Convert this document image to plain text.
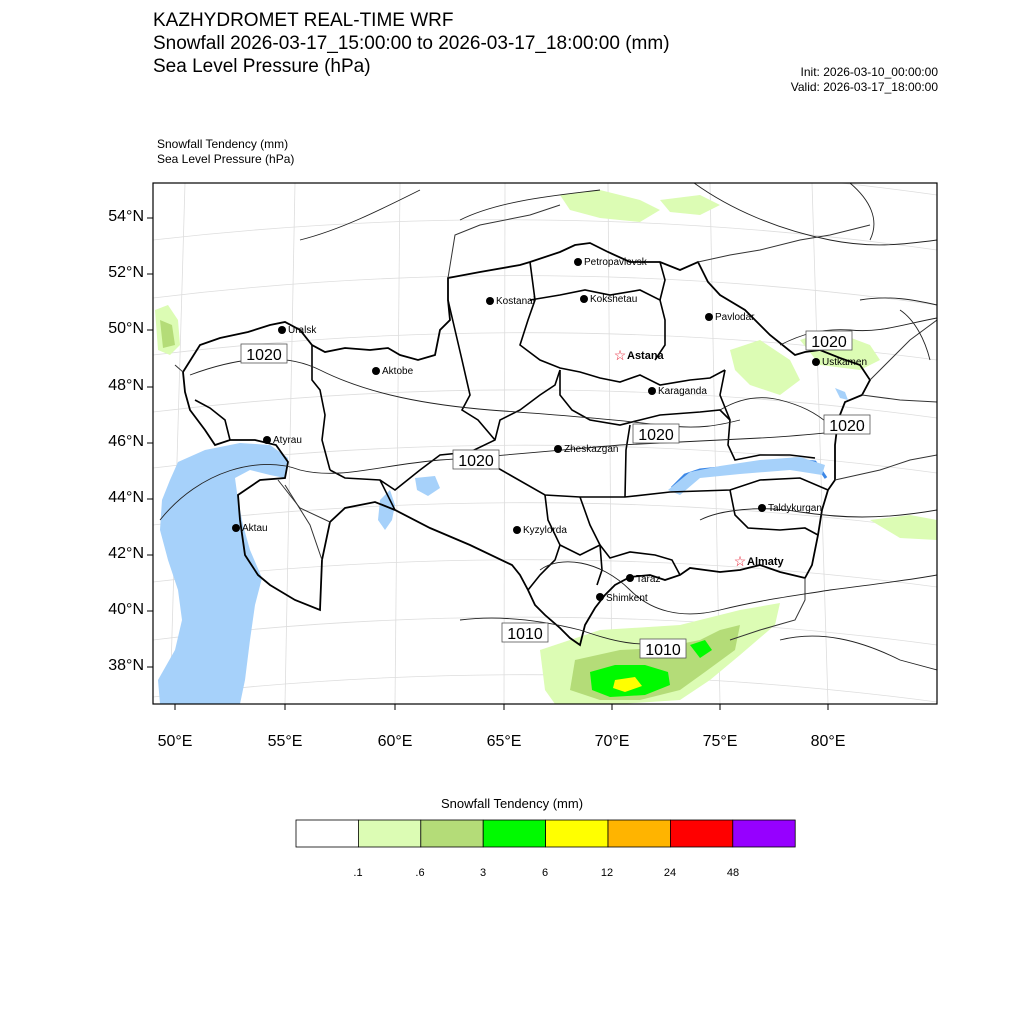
KAZHYDROMET REAL-TIME WRF
Snowfall 2026-03-17_15:00:00 to 2026-03-17_18:00:00 (mm)
Sea Level Pressure (hPa)	Init: 2026-03-10_00:00:00
Valid: 2026-03-17_18:00:00
Snowfall Tendency (mm)
Sea Level Pressure (hPa)
54°N
52°N
50°N
48°N
46°N
44°N
42°N
40°N
38°N
50°E	55°E	60°E	65°E	70°E	75°E	80°E
1020
1020
1020
1020
1020
1010
1010
Petropavlovsk
Kostanai	Kokshetau
Pavlodar
Uralsk
☆ Astana
Aktobe
Ustkamen
Karaganda
Atyrau
Zheskazgan
Taldykurgan
Aktau	Kyzylorda
☆ Almaty
Taraz
Shimkent
Snowfall Tendency (mm)
.1	.6	3	6	12	24	48
